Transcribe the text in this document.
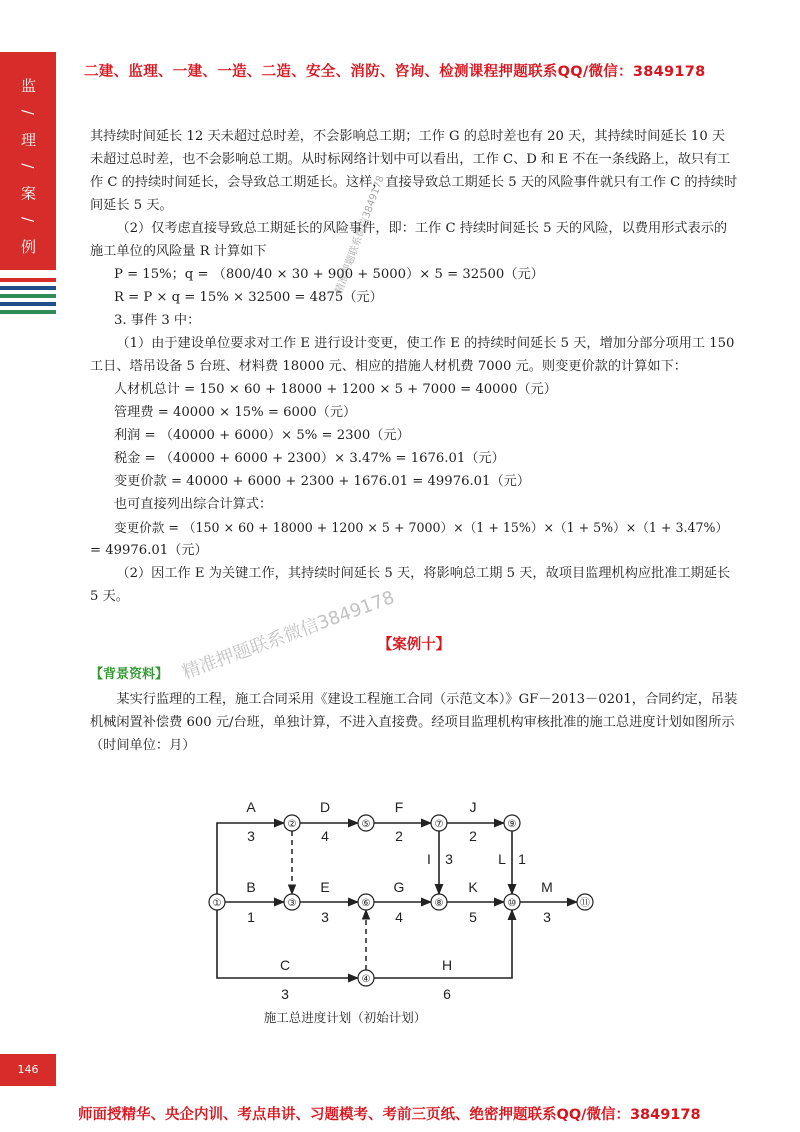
二建、监理、一建、一造、二造、安全、消防、咨询、检测课程押题联系QQ/微信：3849178
监 / 理 / 案 / 例	其持续时间延长 12 天未超过总时差，不会影响总工期；工作 G 的总时差也有 20 天，其持续时间延长 10 天未超过总时差，也不会影响总工期。从时标网络计划中可以看出，工作 C、D 和 E 不在一条线路上，故只有工作 C 的持续时间延长，会导致总工期延长。这样，直接导致总工期延长 5 天的风险事件就只有工作 C 的持续时间延长 5 天。

（2）仅考虑直接导致总工期延长的风险事件，即：工作 C 持续时间延长 5 天的风险，以费用形式表示的施工单位的风险量 R 计算如下

P = 15%；q = （800/40 × 30 + 900 + 5000）× 5 = 32500（元）

R = P × q = 15% × 32500 = 4875（元）

3. 事件 3 中：

（1）由于建设单位要求对工作 E 进行设计变更，使工作 E 的持续时间延长 5 天，增加分部分项用工 150 工日、塔吊设备 5 台班、材料费 18000 元、相应的措施人材机费 7000 元。则变更价款的计算如下：

人材机总计 = 150 × 60 + 18000 + 1200 × 5 + 7000 = 40000（元）

管理费 = 40000 × 15% = 6000（元）

利润 = （40000 + 6000）× 5% = 2300（元）

税金 = （40000 + 6000 + 2300）× 3.47% = 1676.01（元）

变更价款 = 40000 + 6000 + 2300 + 1676.01 = 49976.01（元）

也可直接列出综合计算式：

变更价款 = （150 × 60 + 18000 + 1200 × 5 + 7000）×（1 + 15%）×（1 + 5%）×（1 + 3.47%）

= 49976.01（元）

（2）因工作 E 为关键工作，其持续时间延长 5 天，将影响总工期 5 天，故项目监理机构应批准工期延长 5 天。

【案例十】
【背景资料】

某实行监理的工程，施工合同采用《建设工程施工合同（示范文本）》GF－2013－0201，合同约定，吊装机械闲置补偿费 600 元/台班，单独计算，不进入直接费。经项目监理机构审核批准的施工总进度计划如图所示（时间单位：月）

①
②
③
④
⑤
⑥
⑦
⑧
⑨
⑩	⑪
A
3
B
1
C
3
D
4
E
3
F
2
G
4
H
6
I 3
J
2
K
5
L 1
M
3
施工总进度计划（初始计划）
精准押题联系微信3849178
精准押题联系微信3849178
146
师面授精华、央企内训、考点串讲、习题模考、考前三页纸、绝密押题联系QQ/微信：3849178
